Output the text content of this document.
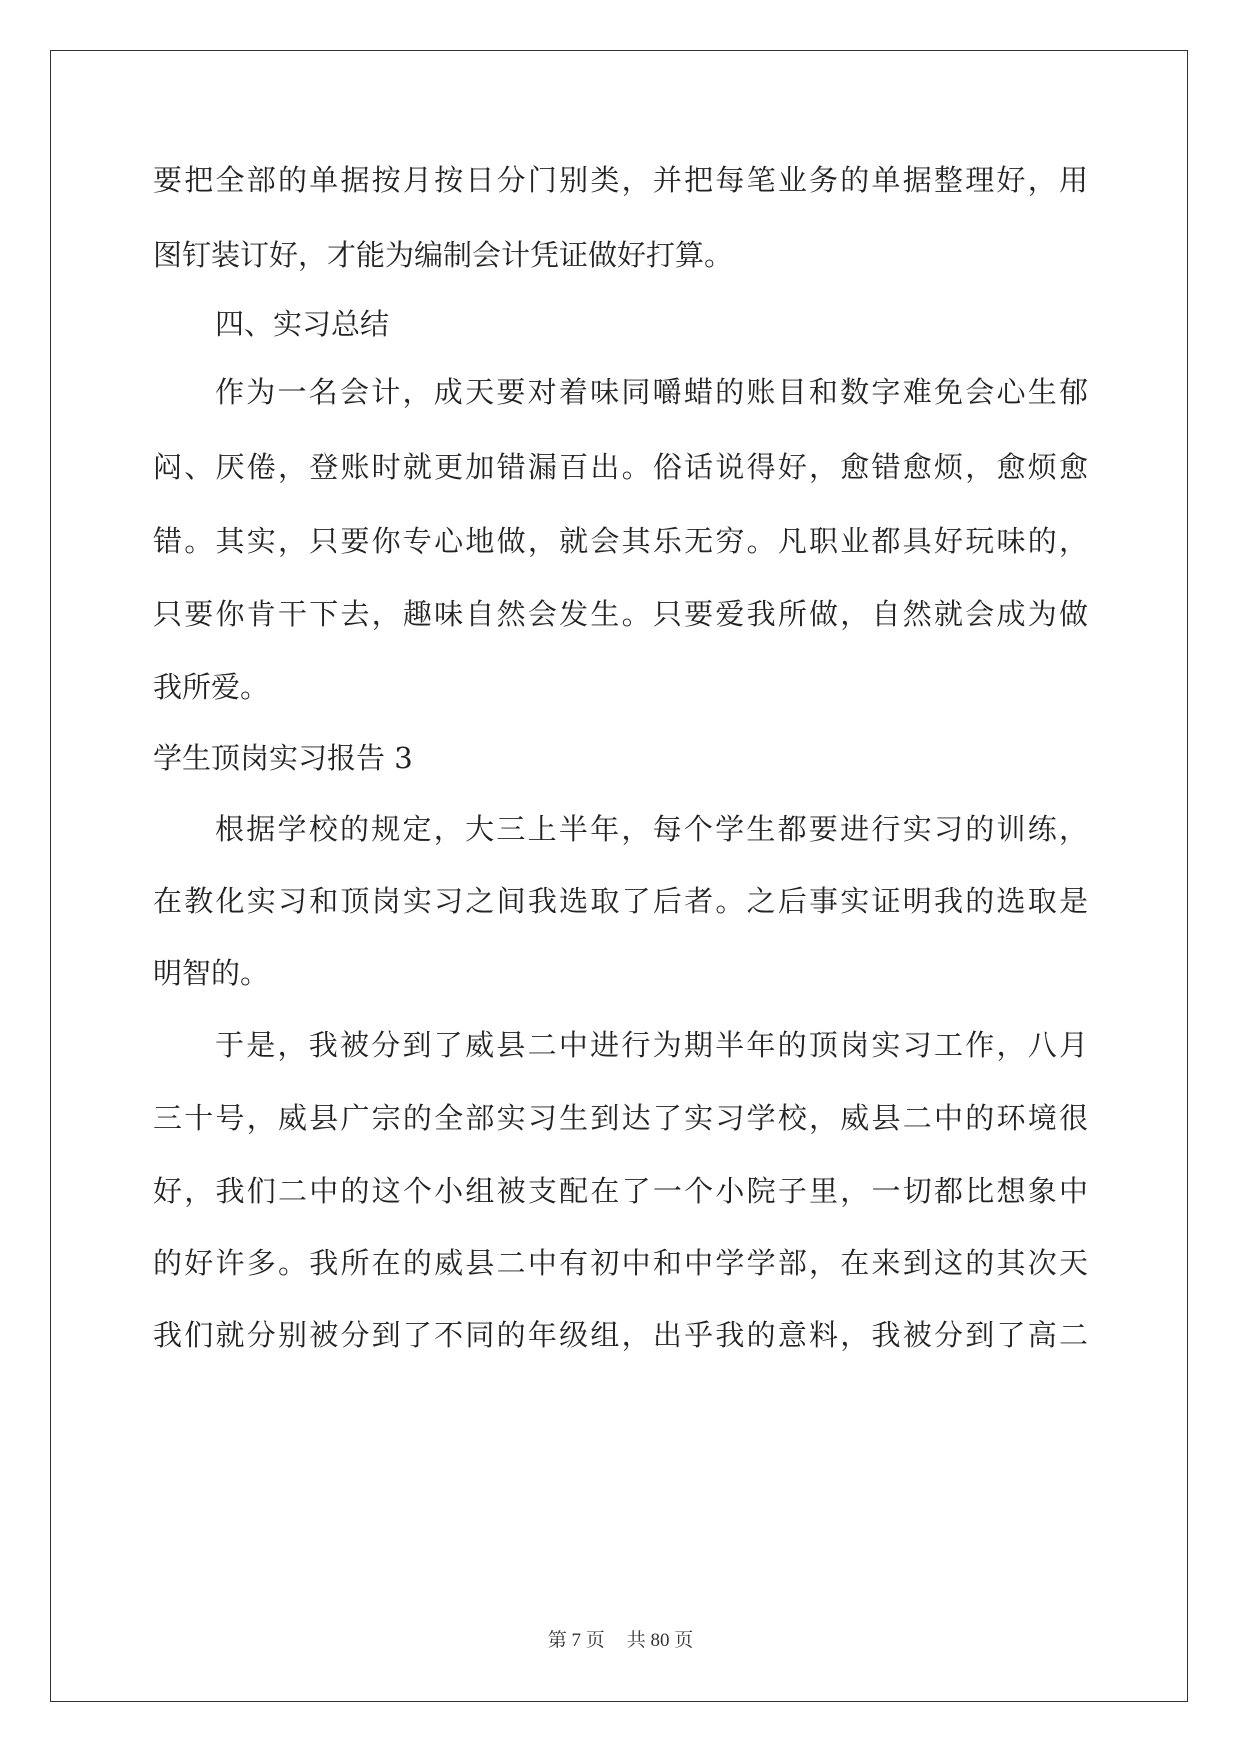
要把全部的单据按月按日分门别类，并把每笔业务的单据整理好，用
图钉装订好，才能为编制会计凭证做好打算。
四、实习总结
作为一名会计，成天要对着味同嚼蜡的账目和数字难免会心生郁
闷、厌倦，登账时就更加错漏百出。俗话说得好，愈错愈烦，愈烦愈
错。其实，只要你专心地做，就会其乐无穷。凡职业都具好玩味的，
只要你肯干下去，趣味自然会发生。只要爱我所做，自然就会成为做
我所爱。
学生顶岗实习报告 3
根据学校的规定，大三上半年，每个学生都要进行实习的训练，
在教化实习和顶岗实习之间我选取了后者。之后事实证明我的选取是
明智的。
于是，我被分到了威县二中进行为期半年的顶岗实习工作，八月
三十号，威县广宗的全部实习生到达了实习学校，威县二中的环境很
好，我们二中的这个小组被支配在了一个小院子里，一切都比想象中
的好许多。我所在的威县二中有初中和中学学部，在来到这的其次天
我们就分别被分到了不同的年级组，出乎我的意料，我被分到了高二
第 7 页 共 80 页
